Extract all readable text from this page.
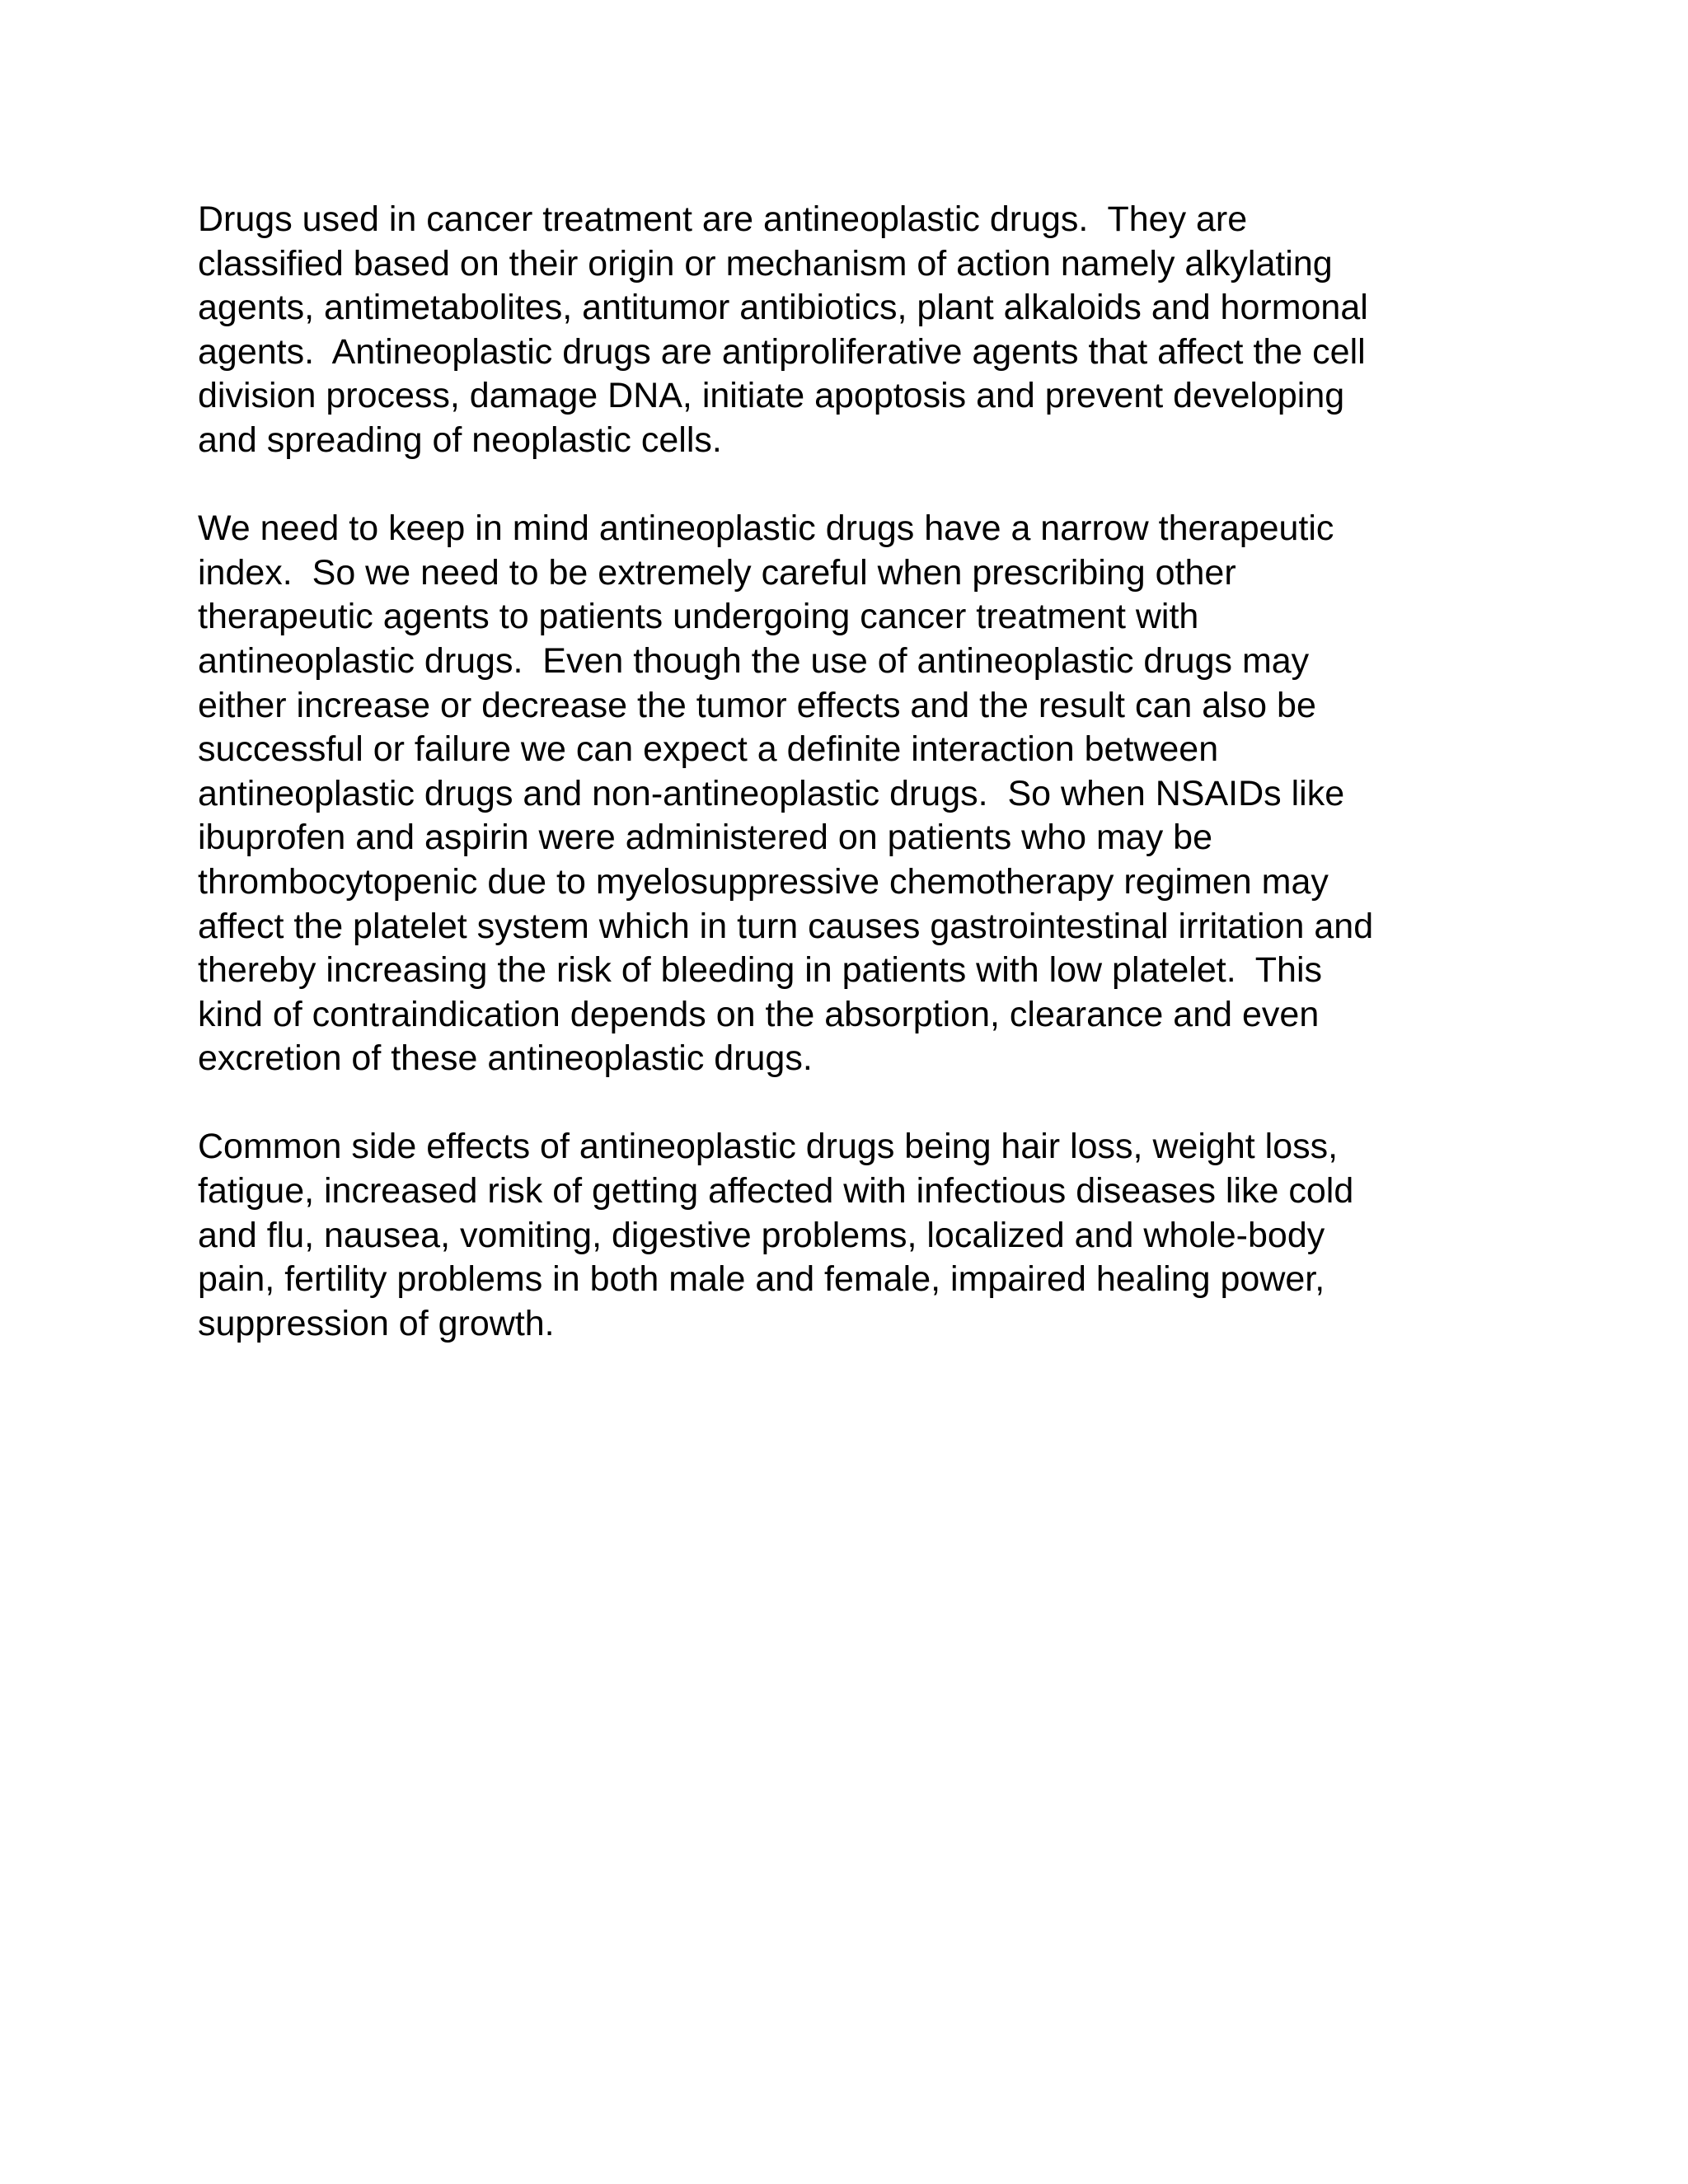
Drugs used in cancer treatment are antineoplastic drugs.  They are
classified based on their origin or mechanism of action namely alkylating
agents, antimetabolites, antitumor antibiotics, plant alkaloids and hormonal
agents.  Antineoplastic drugs are antiproliferative agents that affect the cell
division process, damage DNA, initiate apoptosis and prevent developing
and spreading of neoplastic cells.

We need to keep in mind antineoplastic drugs have a narrow therapeutic
index.  So we need to be extremely careful when prescribing other
therapeutic agents to patients undergoing cancer treatment with
antineoplastic drugs.  Even though the use of antineoplastic drugs may
either increase or decrease the tumor effects and the result can also be
successful or failure we can expect a definite interaction between
antineoplastic drugs and non-antineoplastic drugs.  So when NSAIDs like
ibuprofen and aspirin were administered on patients who may be
thrombocytopenic due to myelosuppressive chemotherapy regimen may
affect the platelet system which in turn causes gastrointestinal irritation and
thereby increasing the risk of bleeding in patients with low platelet.  This
kind of contraindication depends on the absorption, clearance and even
excretion of these antineoplastic drugs.

Common side effects of antineoplastic drugs being hair loss, weight loss,
fatigue, increased risk of getting affected with infectious diseases like cold
and flu, nausea, vomiting, digestive problems, localized and whole-body
pain, fertility problems in both male and female, impaired healing power,
suppression of growth.
